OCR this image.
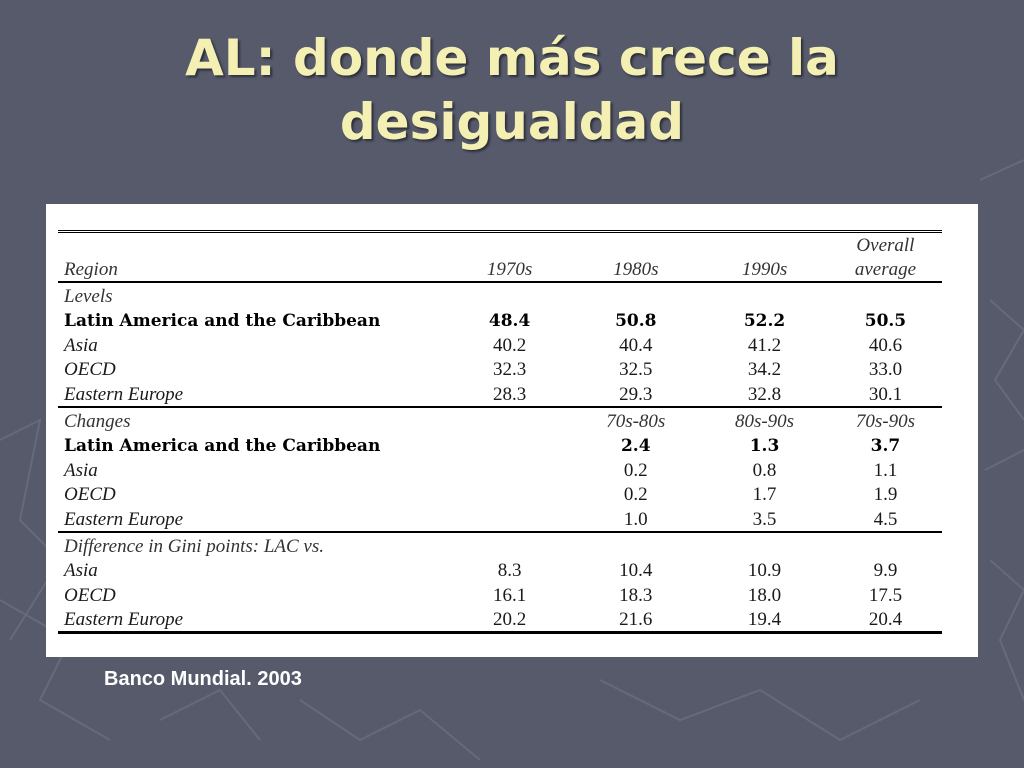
AL: donde más crece la
desigualdad
				Overall
Region	1970s	1980s	1990s	average
Levels				
Latin America and the Caribbean	48.4	50.8	52.2	50.5
Asia	40.2	40.4	41.2	40.6
OECD	32.3	32.5	34.2	33.0
Eastern Europe	28.3	29.3	32.8	30.1
Changes		70s-80s	80s-90s	70s-90s
Latin America and the Caribbean		2.4	1.3	3.7
Asia		0.2	0.8	1.1
OECD		0.2	1.7	1.9
Eastern Europe		1.0	3.5	4.5
Difference in Gini points: LAC vs.				
Asia	8.3	10.4	10.9	9.9
OECD	16.1	18.3	18.0	17.5
Eastern Europe	20.2	21.6	19.4	20.4

Banco Mundial. 2003
